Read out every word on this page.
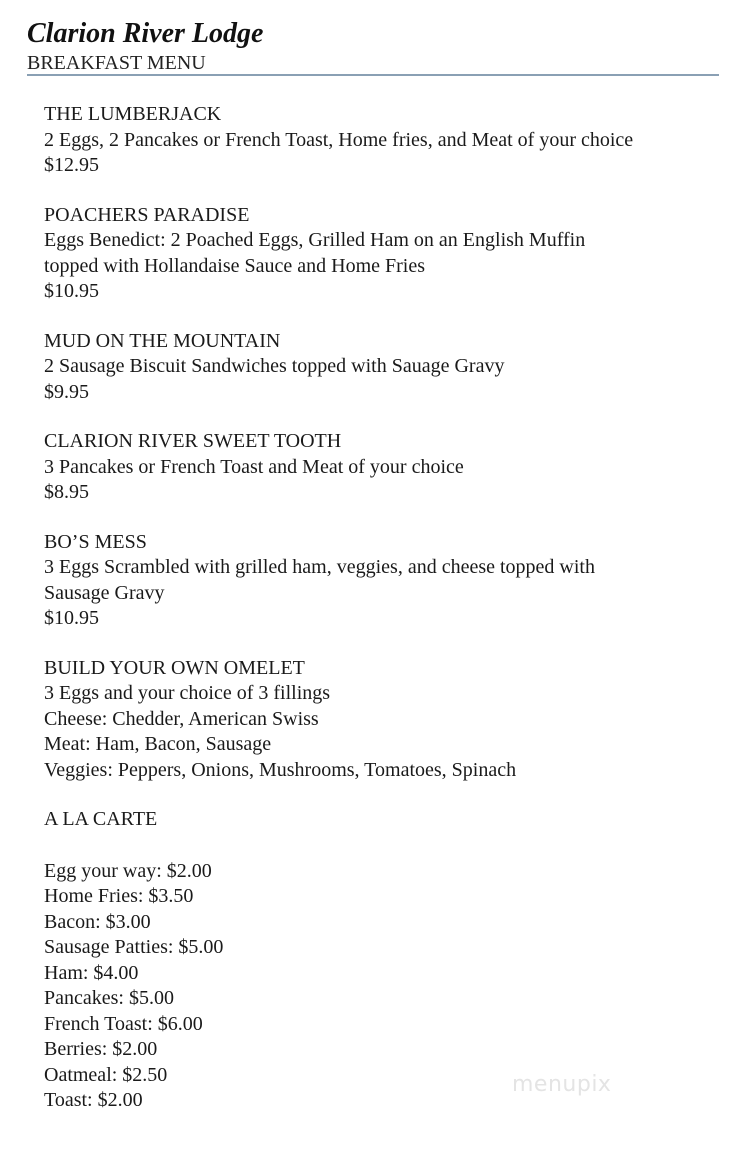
Clarion River Lodge
BREAKFAST MENU
THE LUMBERJACK
2 Eggs, 2 Pancakes or French Toast, Home fries, and Meat of your choice
$12.95
POACHERS PARADISE
Eggs Benedict: 2 Poached Eggs, Grilled Ham on an English Muffin
topped with Hollandaise Sauce and Home Fries
$10.95
MUD ON THE MOUNTAIN
2 Sausage Biscuit Sandwiches topped with Sauage Gravy
$9.95
CLARION RIVER SWEET TOOTH
3 Pancakes or French Toast and Meat of your choice
$8.95
BO’S MESS
3 Eggs Scrambled with grilled ham, veggies, and cheese topped with
Sausage Gravy
$10.95
BUILD YOUR OWN OMELET
3 Eggs and your choice of 3 fillings
Cheese: Chedder, American Swiss
Meat: Ham, Bacon, Sausage
Veggies: Peppers, Onions, Mushrooms, Tomatoes, Spinach
A LA CARTE
Egg your way: $2.00
Home Fries: $3.50
Bacon: $3.00
Sausage Patties: $5.00
Ham: $4.00
Pancakes: $5.00
French Toast: $6.00
Berries: $2.00
Oatmeal: $2.50
Toast: $2.00
menupix
